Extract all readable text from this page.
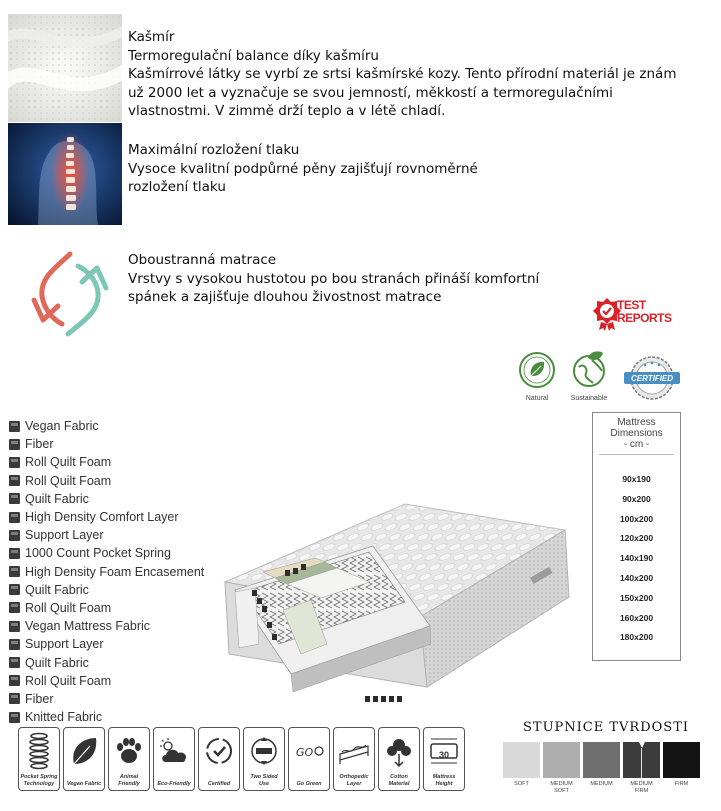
Kašmír
Termoregulační balance díky kašmíru
Kašmírrové látky se vyrbí ze srtsi kašmírské kozy. Tento přírodní materiál je znám
už 2000 let a vyznačuje se svou jemností, měkkostí a termoregulačními
vlastnostmi. V zimmě drží teplo a v létě chladí.
Maximální rozložení tlaku
Vysoce kvalitní podpůrné pěny zajišťují rovnoměrné
rozložení tlaku
Oboustranná matrace
Vrstvy s vysokou hustotou po bou stranách přináší komfortní
spánek a zajišťuje dlouhou živostnost matrace	TEST
REPORTS
Natural	Sustainable
CERTIFIED
Vegan Fabric
Fiber
Roll Quilt Foam
Roll Quilt Foam
Quilt Fabric
High Density Comfort Layer
Support Layer
1000 Count Pocket Spring
High Density Foam Encasement
Quilt Fabric
Roll Quilt Foam
Vegan Mattress Fabric
Support Layer
Quilt Fabric
Roll Quilt Foam
Fiber
Knitted Fabric
Mattress
Dimensions
- cm -
90x190
90x200
100x200
120x200
140x190
140x200
150x200
160x200
180x200
Pocket Spring
Technology	Vegan Fabric
Animal
Friendly	Eco-Friendly	Certified
Two Sided
Use
GO
Go Green
Orthopedic
Layer
Cotton
Material
30
Mattress
Height
STUPNICE TVRDOSTI
SOFT	MEDIUM
SOFT
MEDIUM	MEDIUM
FIRM
FIRM
